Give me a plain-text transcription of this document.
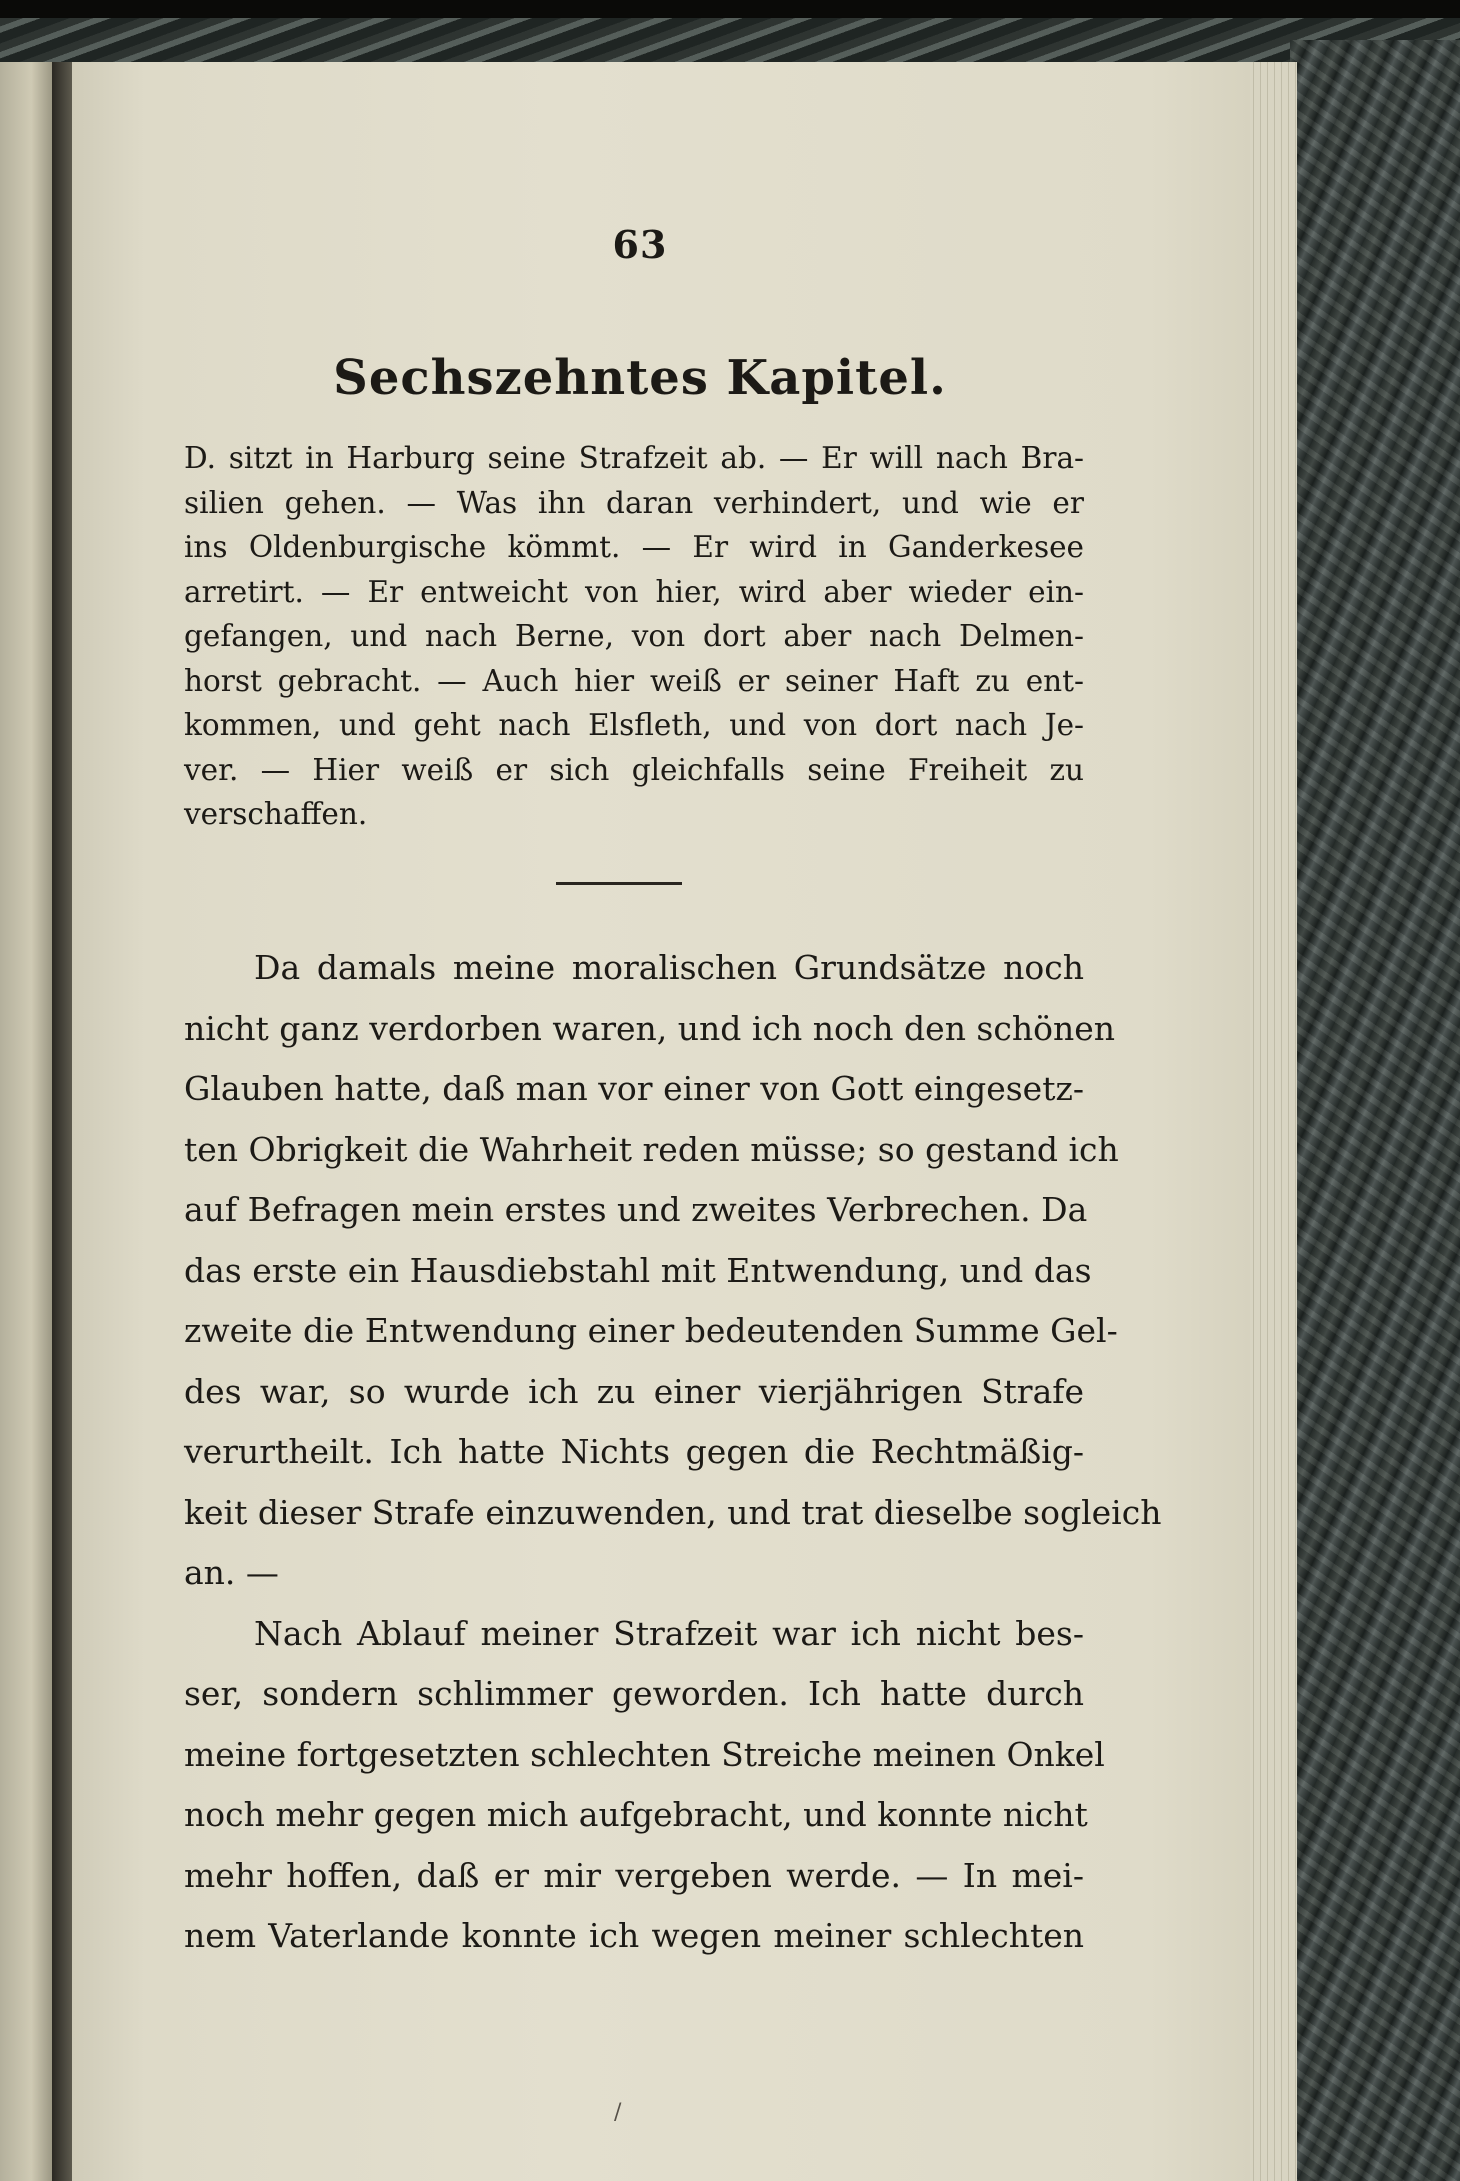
63
Sechszehntes Kapitel.
D. sitzt in Harburg seine Strafzeit ab. — Er will nach Bra-
silien gehen. — Was ihn daran verhindert, und wie er
ins Oldenburgische kömmt. — Er wird in Ganderkesee
arretirt. — Er entweicht von hier, wird aber wieder ein-
gefangen, und nach Berne, von dort aber nach Delmen-
horst gebracht. — Auch hier weiß er seiner Haft zu ent-
kommen, und geht nach Elsfleth, und von dort nach Je-
ver. — Hier weiß er sich gleichfalls seine Freiheit zu
verschaffen.
Da damals meine moralischen Grundsätze noch
nicht ganz verdorben waren, und ich noch den schönen
Glauben hatte, daß man vor einer von Gott eingesetz-
ten Obrigkeit die Wahrheit reden müsse; so gestand ich
auf Befragen mein erstes und zweites Verbrechen. Da
das erste ein Hausdiebstahl mit Entwendung, und das
zweite die Entwendung einer bedeutenden Summe Gel-
des war, so wurde ich zu einer vierjährigen Strafe
verurtheilt. Ich hatte Nichts gegen die Rechtmäßig-
keit dieser Strafe einzuwenden, und trat dieselbe sogleich
an. —
Nach Ablauf meiner Strafzeit war ich nicht bes-
ser, sondern schlimmer geworden. Ich hatte durch
meine fortgesetzten schlechten Streiche meinen Onkel
noch mehr gegen mich aufgebracht, und konnte nicht
mehr hoffen, daß er mir vergeben werde. — In mei-
nem Vaterlande konnte ich wegen meiner schlechten
/
